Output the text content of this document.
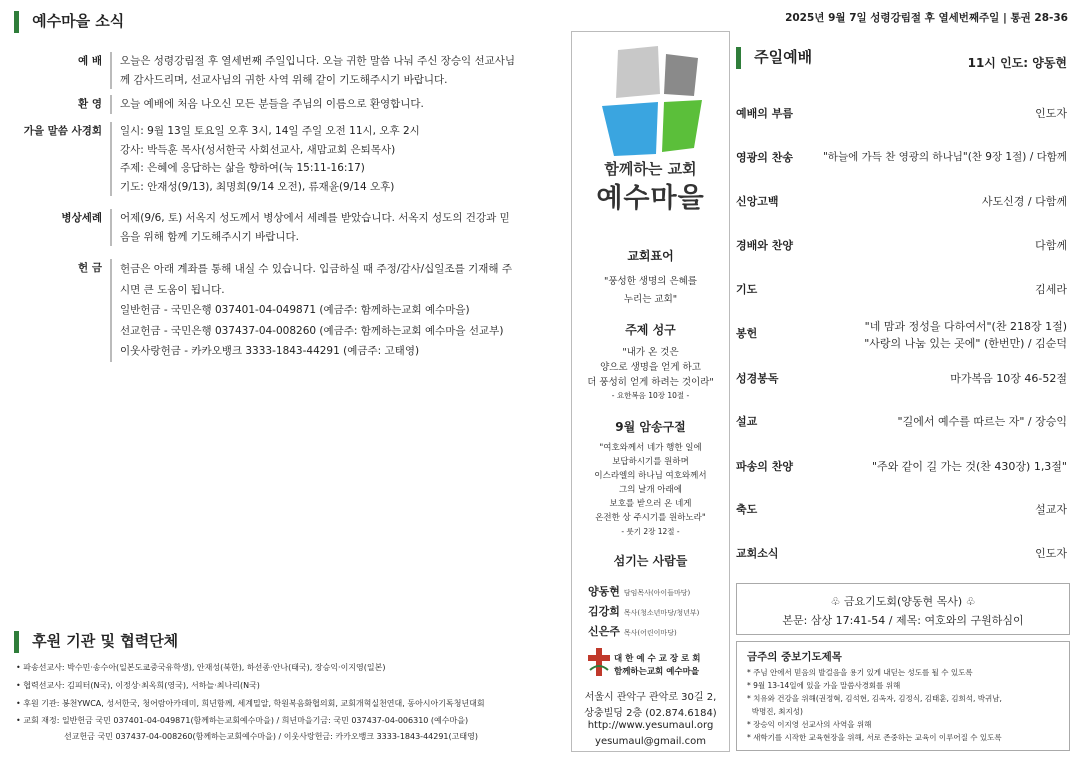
예수마을 소식	2025년 9월 7일 성령강림절 후 열세번째주일 | 통권 28-36
예 배 오늘은 성령강림절 후 열세번째 주일입니다. 오늘 귀한 말씀 나눠 주신 장승익 선교사님
께 감사드리며, 선교사님의 귀한 사역 위해 같이 기도해주시기 바랍니다.
환 영 오늘 예배에 처음 나오신 모든 분들을 주님의 이름으로 환영합니다.
가을 말씀 사경회 일시: 9월 13일 토요일 오후 3시, 14일 주일 오전 11시, 오후 2시
강사: 박득훈 목사(성서한국 사회선교사, 새맘교회 은퇴목사)
주제: 은혜에 응답하는 삶을 향하여(눅 15:11-16:17)
기도: 안재성(9/13), 최명희(9/14 오전), 류재윤(9/14 오후)
병상세례 어제(9/6, 토) 서옥지 성도께서 병상에서 세례를 받았습니다. 서옥지 성도의 건강과 믿
음을 위해 함께 기도해주시기 바랍니다.
헌 금 헌금은 아래 계좌를 통해 내실 수 있습니다. 입금하실 때 주정/감사/십일조를 기재해 주
시면 큰 도움이 됩니다.
일반헌금 - 국민은행 037401-04-049871 (예금주: 함께하는교회 예수마을)
선교헌금 - 국민은행 037437-04-008260 (예금주: 함께하는교회 예수마을 선교부)
이웃사랑헌금 - 카카오뱅크 3333-1843-44291 (예금주: 고태영)
후원 기관 및 협력단체
• 파송선교사: 박수민·송수아(일본도쿄중국유학생), 안재성(북한), 하선종·안나(태국), 장승익·이지영(일본)
• 협력선교사: 김피터(N국), 이정상·최옥희(영국), 서하늘·최나리(N국)
• 후원 기관: 봉천YWCA, 성서한국, 청어람아카데미, 희년함께, 세계밀알, 학원복음화협의회, 교회개혁실천연대, 동아시아기독청년대회
• 교회 재정: 일반헌금 국민 037401-04-049871(함께하는교회예수마을) / 희년마을기금: 국민 037437-04-006310 (예수마을)
선교헌금 국민 037437-04-008260(함께하는교회예수마을) / 이웃사랑헌금: 카카오뱅크 3333-1843-44291(고태영)
함께하는 교회
예수마을
교회표어
"풍성한 생명의 은혜를
누리는 교회"
주제 성구
"내가 온 것은
양으로 생명을 얻게 하고
더 풍성히 얻게 하려는 것이라"
- 요한복음 10장 10절 -
9월 암송구절
"여호와께서 네가 행한 일에
보답하시기를 원하며
이스라엘의 하나님 여호와께서
그의 날개 아래에
보호를 받으러 온 네게
온전한 상 주시기를 원하노라"
- 룻기 2장 12절 -
섬기는 사람들
양동현 담임목사(아이들마당)
김강희 목사(청소년마당/청년부)
신은주 목사(어린이마당)
대 한 예 수 교 장 로 회
함께하는교회 예수마을
서울시 관악구 관악로 30길 2,
상충빌딩 2층 (02.874.6184)
http://www.yesumaul.org
yesumaul@gmail.com
주일예배	11시 인도: 양동현
예배의 부름	인도자
영광의 찬송	"하늘에 가득 찬 영광의 하나님"(찬 9장 1절) / 다함께
신앙고백	사도신경 / 다함께
경배와 찬양	다함께
기도	김세라
봉헌
"네 맘과 정성을 다하여서"(찬 218장 1절)
"사랑의 나눔 있는 곳에" (한번만) / 김순덕
성경봉독	마가복음 10장 46-52절
설교	"길에서 예수를 따르는 자" / 장승익
파송의 찬양	"주와 같이 길 가는 것(찬 430장) 1,3절"
축도	설교자
교회소식	인도자
♧ 금요기도회(양동현 목사) ♧
본문: 삼상 17:41-54 / 제목: 여호와의 구원하심이
금주의 중보기도제목
* 주님 안에서 믿음의 발걸음을 용기 있게 내딛는 성도를 될 수 있도록
* 9월 13-14일에 있을 가을 말씀사경회를 위해
* 치유와 건강을 위해(권정혁, 김석현, 김옥자, 김정식, 김태훈, 김희석, 박귀남,
박명진, 최지성)
* 장승익 이지영 선교사의 사역을 위해
* 새학기를 시작한 교육현장을 위해, 서로 존중하는 교육이 이루어질 수 있도록
